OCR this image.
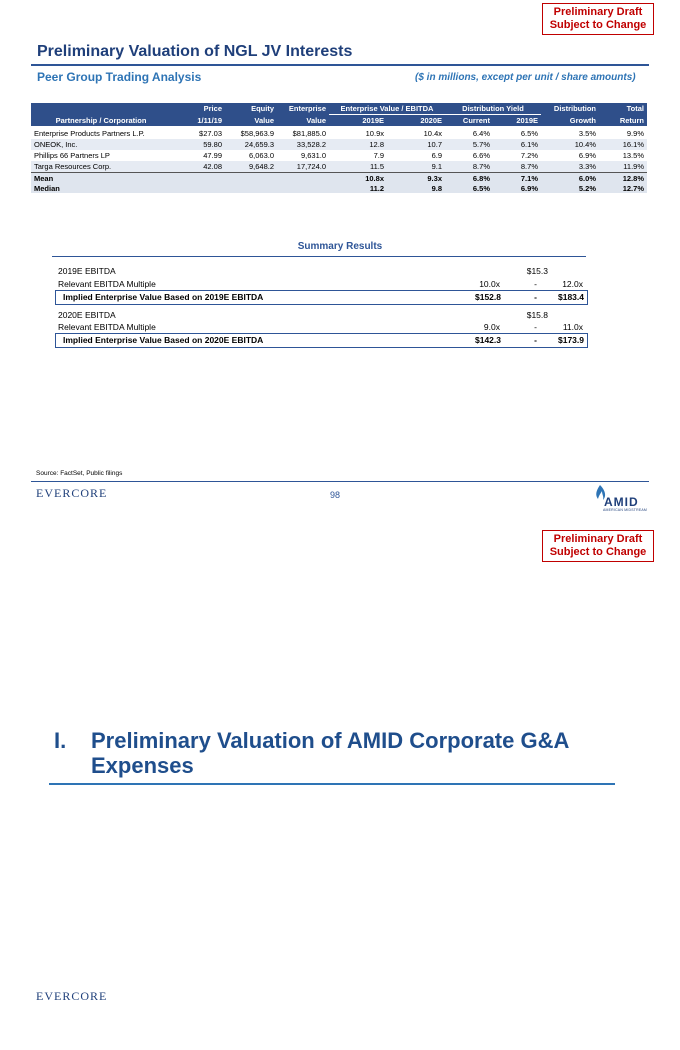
Preliminary Draft
Subject to Change
Preliminary Valuation of NGL JV Interests
Peer Group Trading Analysis	($ in millions, except per unit / share amounts)
	Price	Equity	Enterprise	Enterprise Value / EBITDA		Distribution Yield		Distribution	Total
Partnership / Corporation	1/11/19	Value	Value	2019E	2020E	Current	2019E	Growth	Return
Enterprise Products Partners L.P.	$27.03	$58,963.9	$81,885.0	10.9x	10.4x	6.4%	6.5%	3.5%	9.9%
ONEOK, Inc.	59.80	24,659.3	33,528.2	12.8	10.7	5.7%	6.1%	10.4%	16.1%
Phillips 66 Partners LP	47.99	6,063.0	9,631.0	7.9	6.9	6.6%	7.2%	6.9%	13.5%
Targa Resources Corp.	42.08	9,648.2	17,724.0	11.5	9.1	8.7%	8.7%	3.3%	11.9%
Mean				10.8x	9.3x	6.8%	7.1%	6.0%	12.8%
Median				11.2	9.8	6.5%	6.9%	5.2%	12.7%
Summary Results
2019E EBITDA	$15.3
Relevant EBITDA Multiple	10.0x	-	12.0x
Implied Enterprise Value Based on 2019E EBITDA	$152.8	- $183.4
2020E EBITDA	$15.8
Relevant EBITDA Multiple	9.0x	-	11.0x
Implied Enterprise Value Based on 2020E EBITDA	$142.3	- $173.9
Source: FactSet, Public filings
EVERCORE	98	AMID
AMERICAN MIDSTREAM
Preliminary Draft
Subject to Change
I. Preliminary Valuation of AMID Corporate G&A Expenses
EVERCORE
